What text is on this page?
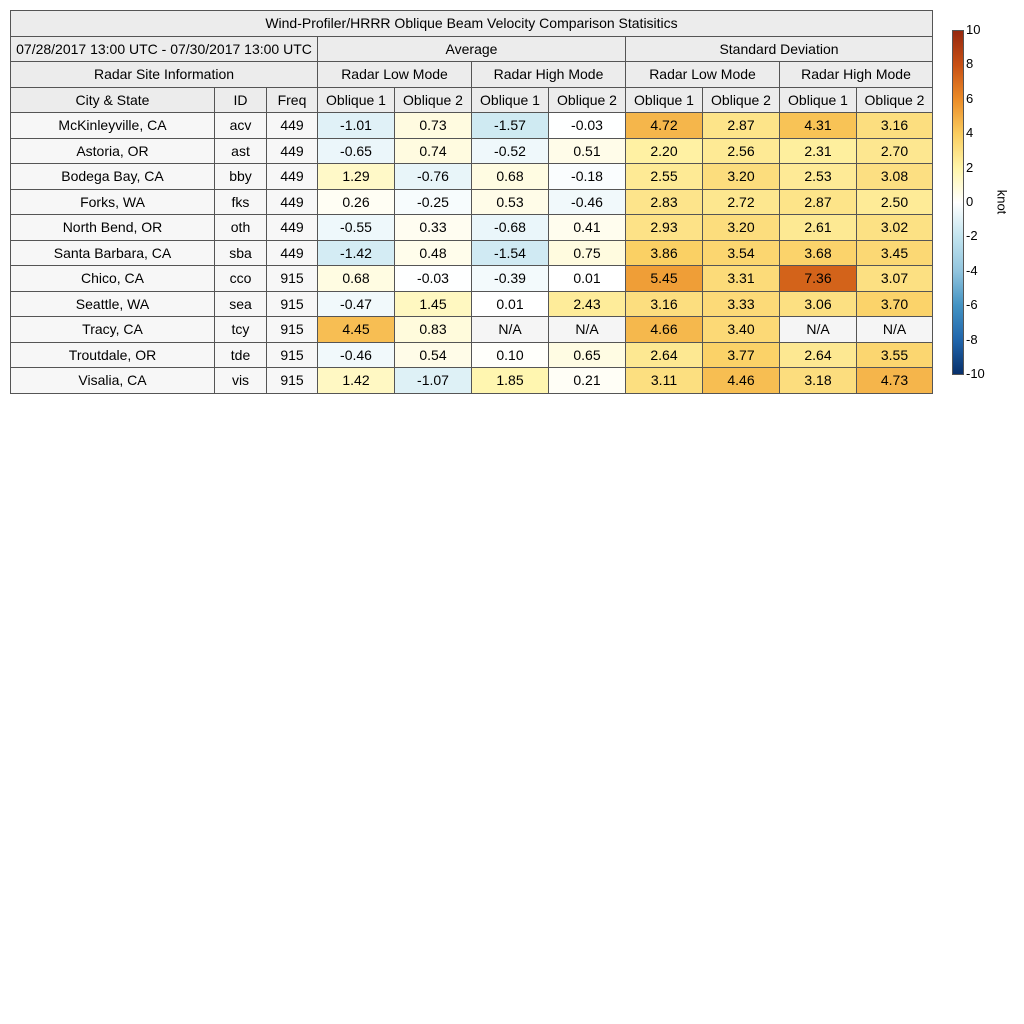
Wind-Profiler/HRRR Oblique Beam Velocity Comparison Statisitics										
07/28/2017 13:00 UTC - 07/30/2017 13:00 UTC			Average				Standard Deviation			
Radar Site Information			Radar Low Mode		Radar High Mode		Radar Low Mode		Radar High Mode	
City & State	ID	Freq	Oblique 1	Oblique 2	Oblique 1	Oblique 2	Oblique 1	Oblique 2	Oblique 1	Oblique 2
McKinleyville, CA	acv	449	-1.01	0.73	-1.57	-0.03	4.72	2.87	4.31	3.16
Astoria, OR	ast	449	-0.65	0.74	-0.52	0.51	2.20	2.56	2.31	2.70
Bodega Bay, CA	bby	449	1.29	-0.76	0.68	-0.18	2.55	3.20	2.53	3.08
Forks, WA	fks	449	0.26	-0.25	0.53	-0.46	2.83	2.72	2.87	2.50
North Bend, OR	oth	449	-0.55	0.33	-0.68	0.41	2.93	3.20	2.61	3.02
Santa Barbara, CA	sba	449	-1.42	0.48	-1.54	0.75	3.86	3.54	3.68	3.45
Chico, CA	cco	915	0.68	-0.03	-0.39	0.01	5.45	3.31	7.36	3.07
Seattle, WA	sea	915	-0.47	1.45	0.01	2.43	3.16	3.33	3.06	3.70
Tracy, CA	tcy	915	4.45	0.83	N/A	N/A	4.66	3.40	N/A	N/A
Troutdale, OR	tde	915	-0.46	0.54	0.10	0.65	2.64	3.77	2.64	3.55
Visalia, CA	vis	915	1.42	-1.07	1.85	0.21	3.11	4.46	3.18	4.73
10
8
6
4
2
0
-2
-4
-6
-8
-10
knot
